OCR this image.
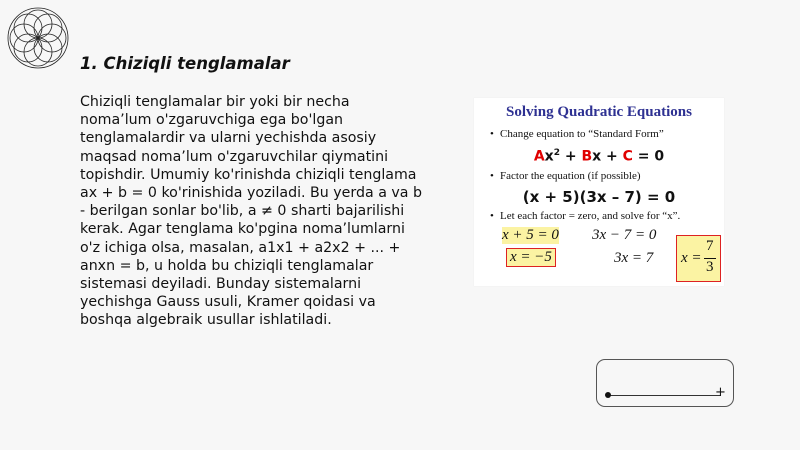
1. Chiziqli tenglamalar

Chiziqli tenglamalar bir yoki bir necha noma’lum o'zgaruvchiga ega bo'lgan tenglamalardir va ularni yechishda asosiy maqsad noma’lum o'zgaruvchilar qiymatini topishdir. Umumiy ko'rinishda chiziqli tenglama ax + b = 0 ko'rinishida yoziladi. Bu yerda a va b - berilgan sonlar bo'lib, a ≠ 0 sharti bajarilishi kerak. Agar tenglama ko'pgina noma’lumlarni o'z ichiga olsa, masalan, a1x1 + a2x2 + ... + anxn = b, u holda bu chiziqli tenglamalar sistemasi deyiladi. Bunday sistemalarni yechishga Gauss usuli, Kramer qoidasi va boshqa algebraik usullar ishlatiladi.

Solving Quadratic Equations
• Change equation to “Standard Form”
$Ax^2 + Bx + C = 0$
• Factor the equation (if possible)
(x + 5)(3x – 7) = 0
• Let each factor = zero, and solve for “x”.
x + 5 = 0
x = −5
3x − 7 = 0
3x = 7 x =
7
3
+
